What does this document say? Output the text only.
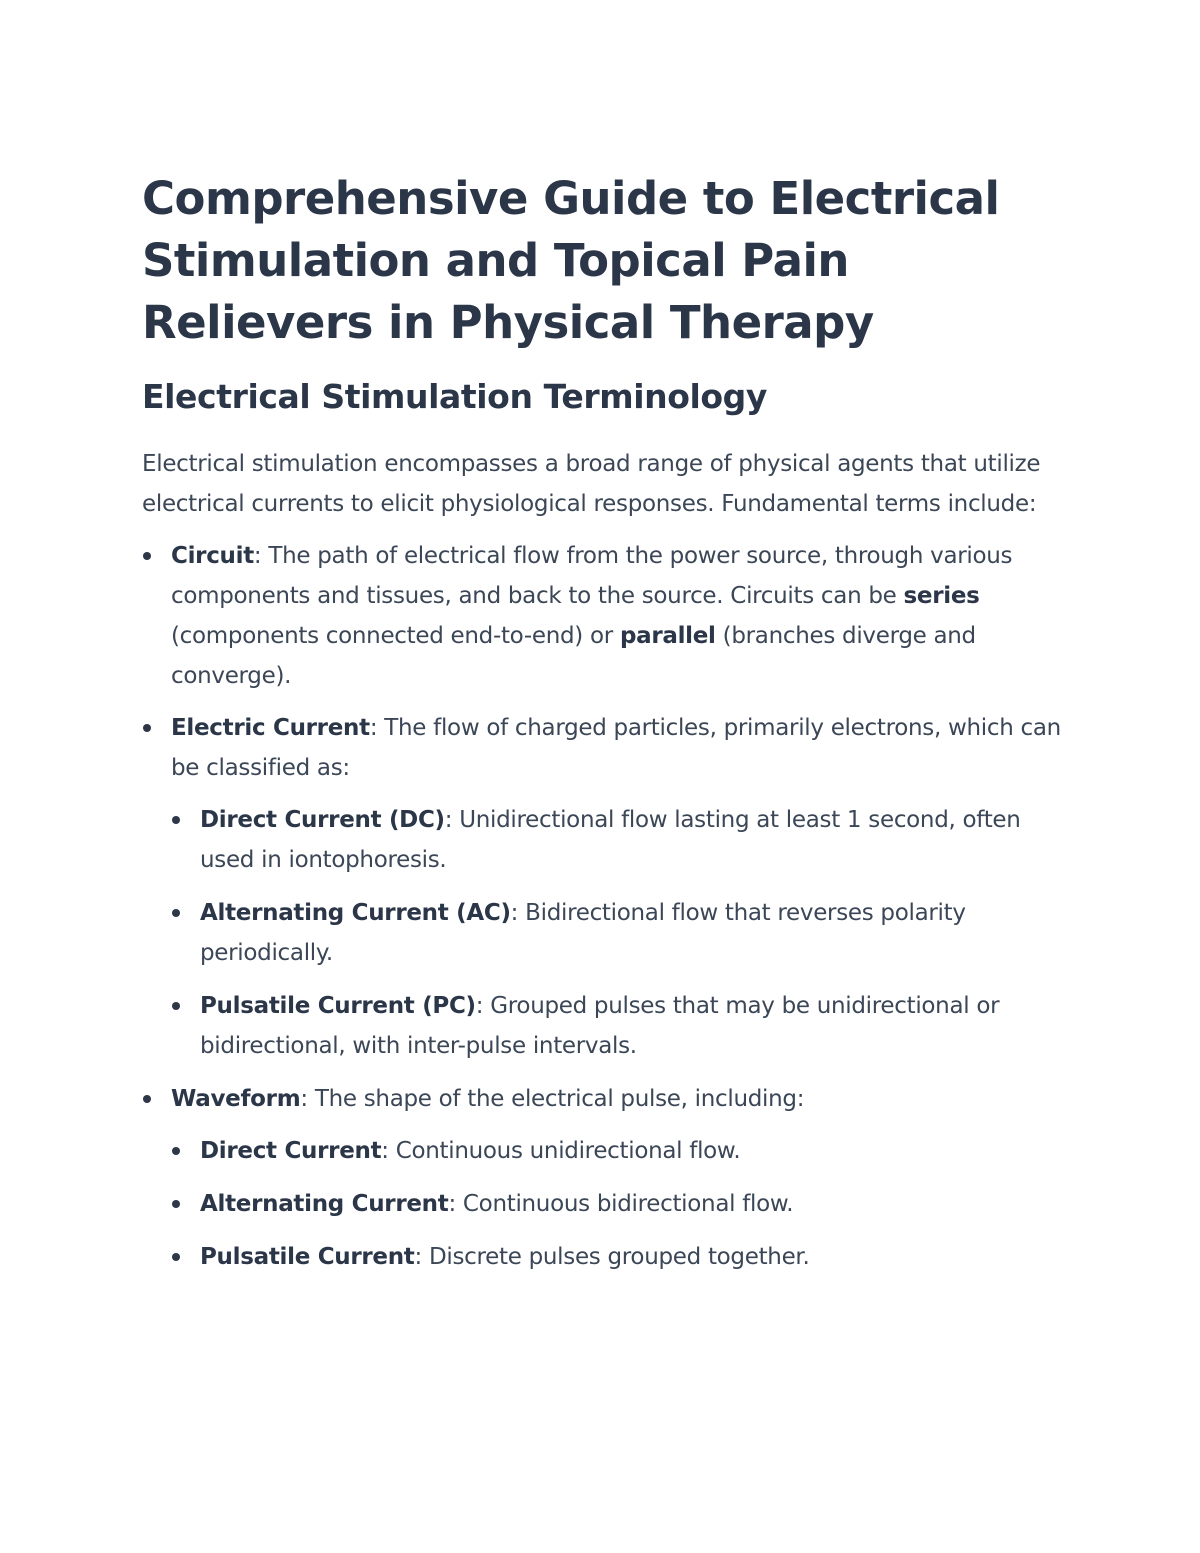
Comprehensive Guide to Electrical Stimulation and Topical Pain Relievers in Physical Therapy
Electrical Stimulation Terminology

Electrical stimulation encompasses a broad range of physical agents that utilize electrical currents to elicit physiological responses. Fundamental terms include:

Circuit: The path of electrical flow from the power source, through various components and tissues, and back to the source. Circuits can be series (components connected end-to-end) or parallel (branches diverge and converge).
Electric Current: The flow of charged particles, primarily electrons, which can be classified as:
Direct Current (DC): Unidirectional flow lasting at least 1 second, often used in iontophoresis.
Alternating Current (AC): Bidirectional flow that reverses polarity periodically.
Pulsatile Current (PC): Grouped pulses that may be unidirectional or bidirectional, with inter-pulse intervals.
Waveform: The shape of the electrical pulse, including:
Direct Current: Continuous unidirectional flow.
Alternating Current: Continuous bidirectional flow.
Pulsatile Current: Discrete pulses grouped together.
